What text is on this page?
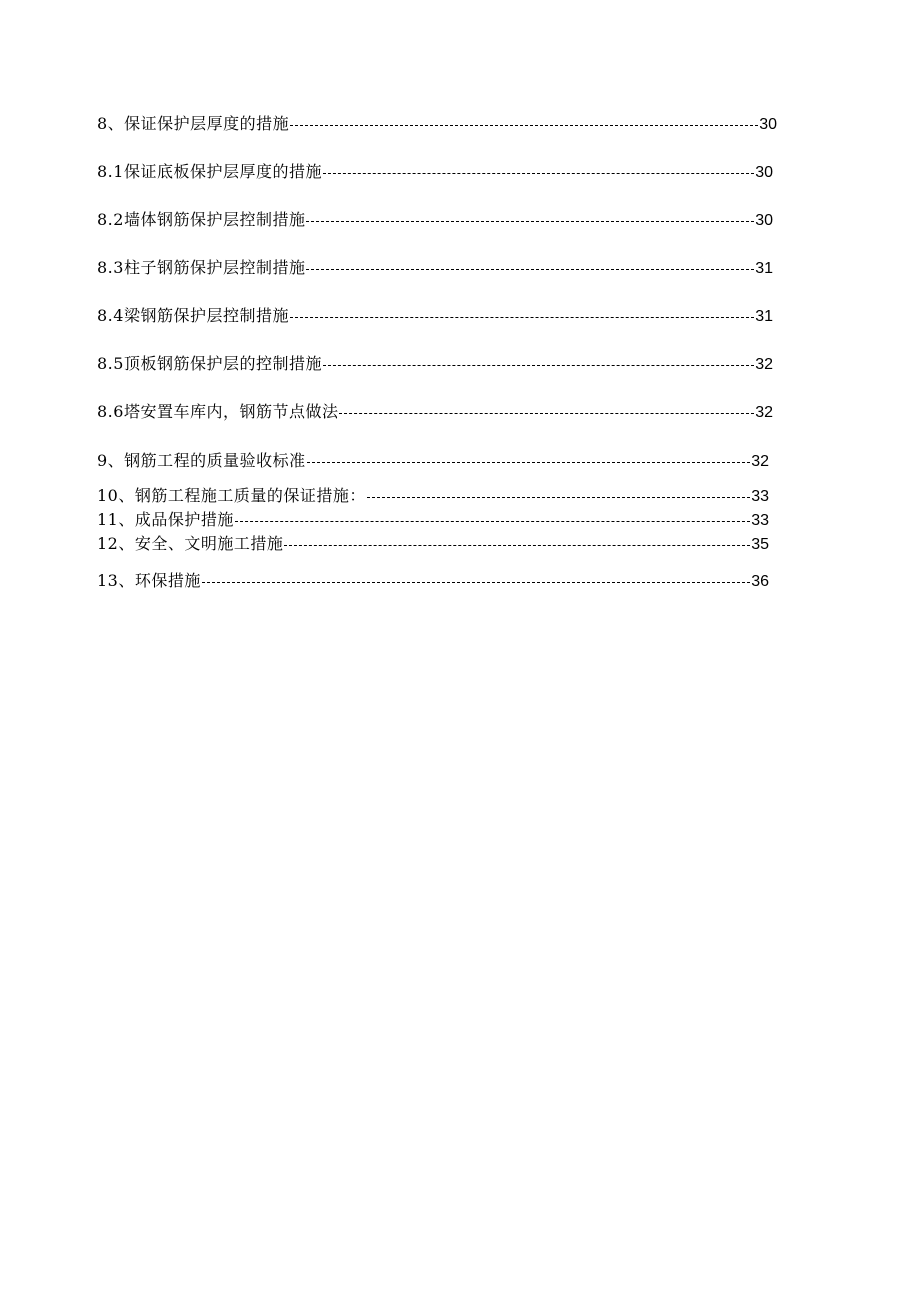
8、保证保护层厚度的措施	30
8.1保证底板保护层厚度的措施	30
8.2墙体钢筋保护层控制措施	30
8.3柱子钢筋保护层控制措施	31
8.4梁钢筋保护层控制措施	31
8.5顶板钢筋保护层的控制措施	32
8.6塔安置车库内，钢筋节点做法	32
9、钢筋工程的质量验收标准	32
10、钢筋工程施工质量的保证措施：	33
11、成品保护措施	33
12、安全、文明施工措施	35
13、环保措施	36
